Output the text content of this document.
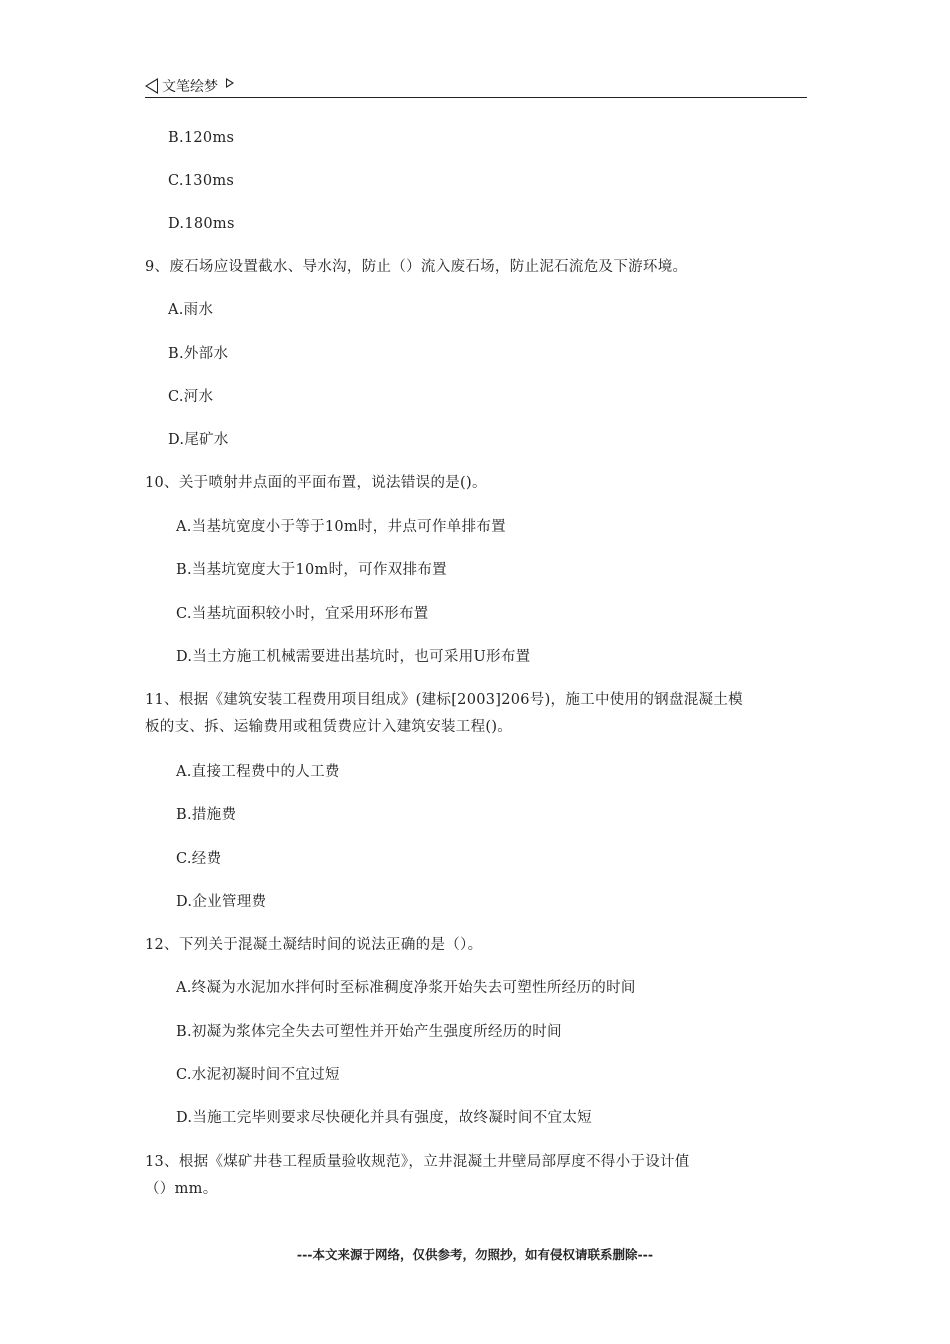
文笔绘梦
B.120ms
C.130ms
D.180ms
9、废石场应设置截水、导水沟，防止（）流入废石场，防止泥石流危及下游环境。
A.雨水
B.外部水
C.河水
D.尾矿水
10、关于喷射井点面的平面布置，说法错误的是()。
A.当基坑宽度小于等于10m时，井点可作单排布置
B.当基坑宽度大于10m时，可作双排布置
C.当基坑面积较小时，宜采用环形布置
D.当土方施工机械需要进出基坑时，也可采用U形布置
11、根据《建筑安装工程费用项目组成》(建标[2003]206号)，施工中使用的钢盘混凝土模
板的支、拆、运输费用或租赁费应计入建筑安装工程()。
A.直接工程费中的人工费
B.措施费
C.经费
D.企业管理费
12、下列关于混凝土凝结时间的说法正确的是（）。
A.终凝为水泥加水拌何时至标准稠度净浆开始失去可塑性所经历的时间
B.初凝为浆体完全失去可塑性并开始产生强度所经历的时间
C.水泥初凝时间不宜过短
D.当施工完毕则要求尽快硬化并具有强度，故终凝时间不宜太短
13、根据《煤矿井巷工程质量验收规范》，立井混凝土井壁局部厚度不得小于设计值
（）mm。
---本文来源于网络，仅供参考，勿照抄，如有侵权请联系删除---
